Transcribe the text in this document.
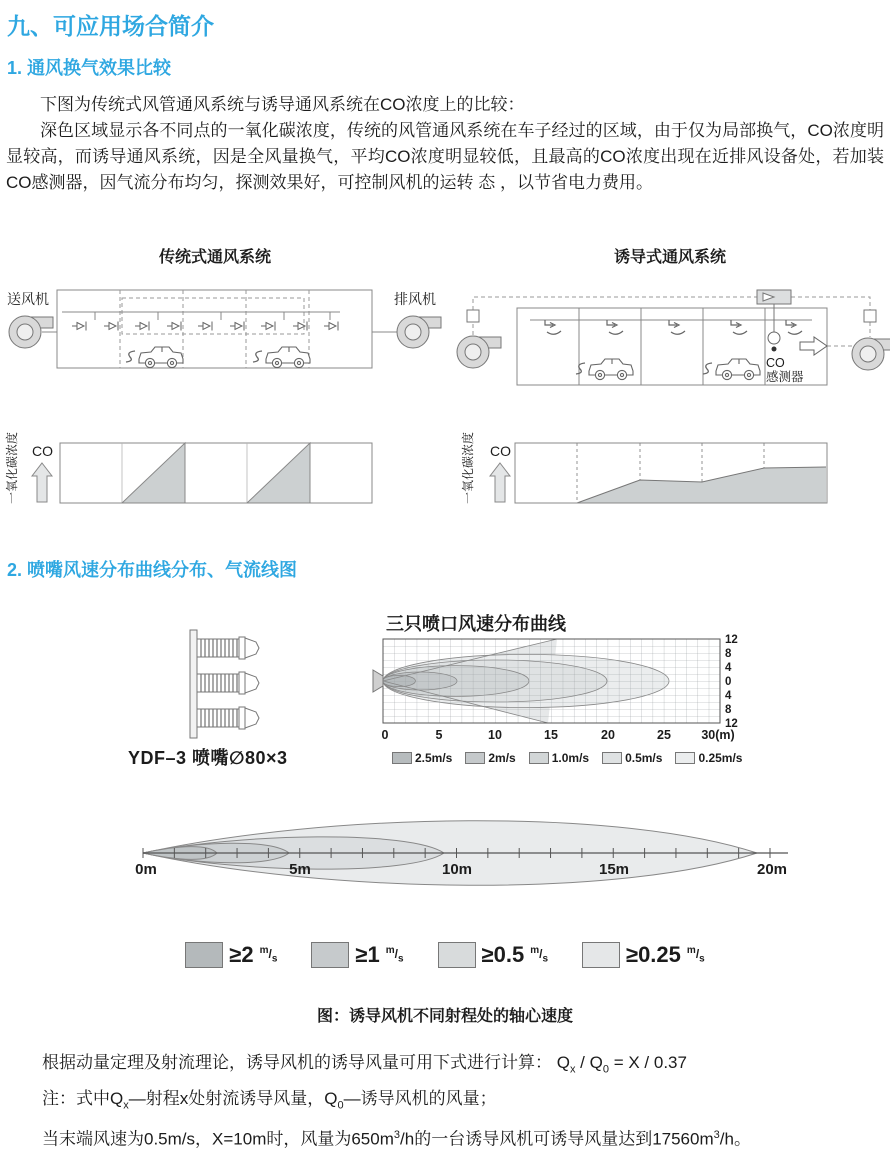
九、可应用场合简介
1. 通风换气效果比较

下图为传统式风管通风系统与诱导通风系统在CO浓度上的比较：

深色区域显示各不同点的一氧化碳浓度，传统的风管通风系统在车子经过的区域，由于仅为局部换气，CO浓度明显较高，而诱导通风系统，因是全风量换气，平均CO浓度明显较低，且最高的CO浓度出现在近排风设备处，若加装CO感测器，因气流分布均匀，探测效果好，可控制风机的运转 态 ，以节省电力费用。

传统式通风系统
送风机	排风机
诱导式通风系统
CO
感测器
一氧化碳浓度 CO	一氧化碳浓度 CO
2. 喷嘴风速分布曲线分布、气流线图
YDF–3 喷嘴∅80×3
三只喷口风速分布曲线
12
8
4
0
4
8
12
0	5	10	15	20	25 30(m)
2.5m/s	2m/s	1.0m/s	0.5m/s	0.25m/s
0m	5m	10m	15m	20m
≥2 $^m/_s$	≥1 $^m/_s$	≥0.5 $^m/_s$	≥0.25 $^m/_s$
图：诱导风机不同射程处的轴心速度

根据动量定理及射流理论，诱导风机的诱导风量可用下式进行计算： $Q_x / Q_0 = X / 0.37$

注：式中$Q_x—$射程x处射流诱导风量，$Q_0—$诱导风机的风量；

当末端风速为0.5m/s，X=10m时，风量为$650m^3/h$的一台诱导风机可诱导风量达到$17560m^3/h$。
